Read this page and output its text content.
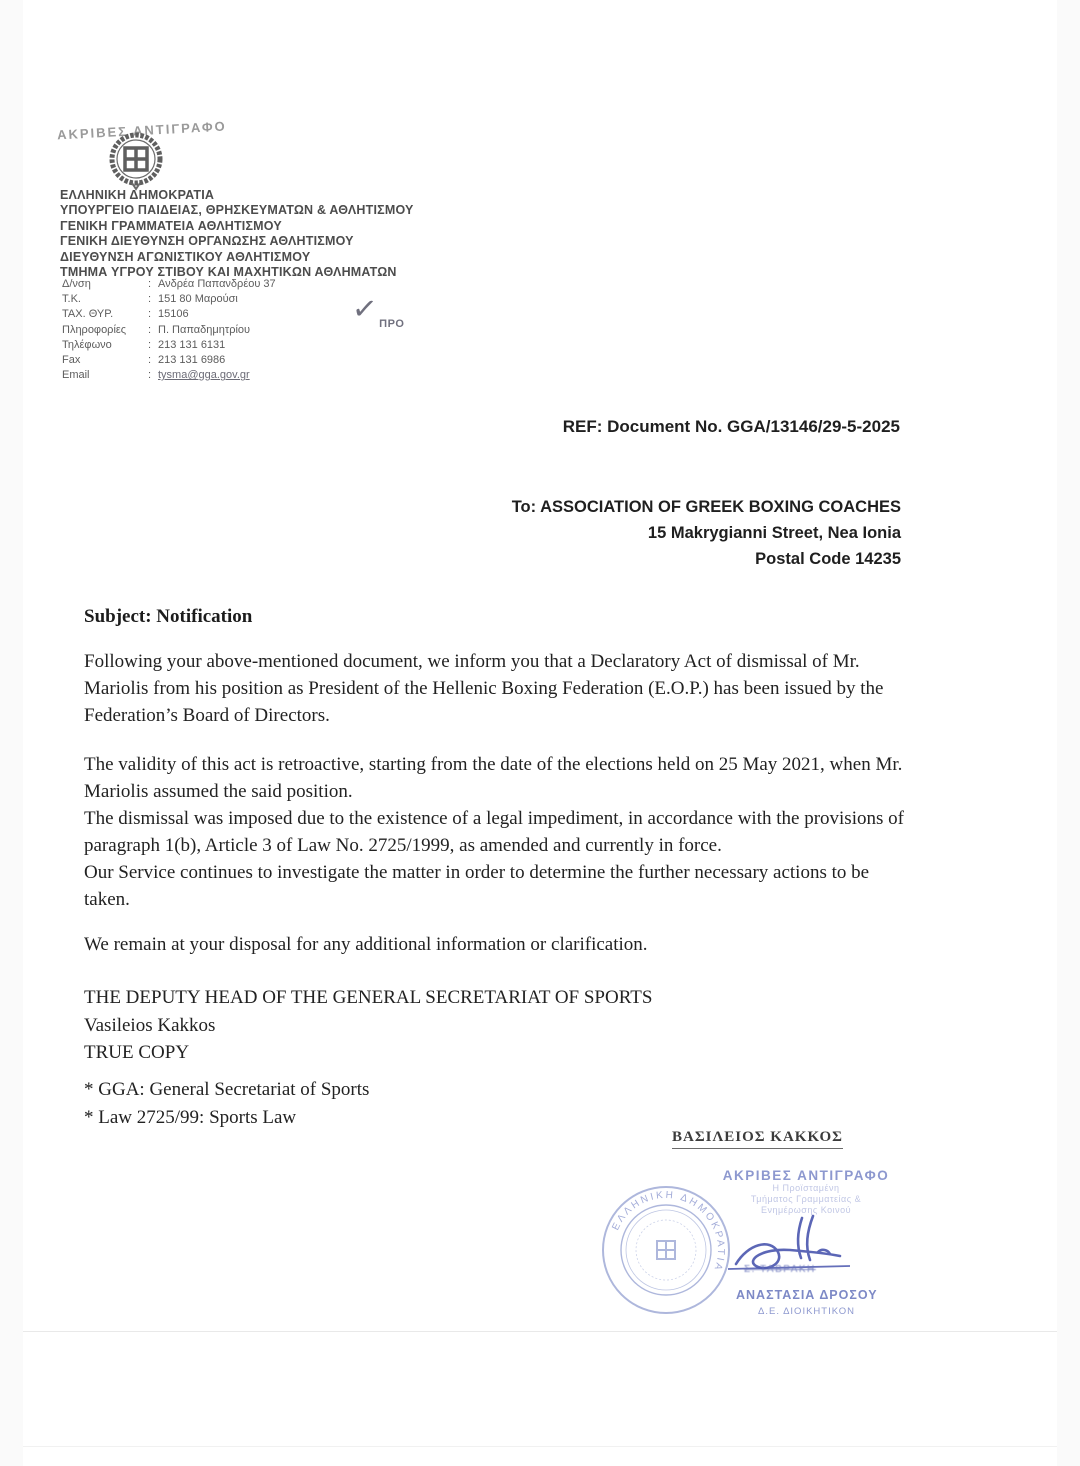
ΑΚΡΙΒΕΣ ΑΝΤΙΓΡΑΦΟ
ΕΛΛΗΝΙΚΗ ΔΗΜΟΚΡΑΤΙΑ
ΥΠΟΥΡΓΕΙΟ ΠΑΙΔΕΙΑΣ, ΘΡΗΣΚΕΥΜΑΤΩΝ & ΑΘΛΗΤΙΣΜΟΥ
ΓΕΝΙΚΗ ΓΡΑΜΜΑΤΕΙΑ ΑΘΛΗΤΙΣΜΟΥ
ΓΕΝΙΚΗ ΔΙΕΥΘΥΝΣΗ ΟΡΓΑΝΩΣΗΣ ΑΘΛΗΤΙΣΜΟΥ
ΔΙΕΥΘΥΝΣΗ ΑΓΩΝΙΣΤΙΚΟΥ ΑΘΛΗΤΙΣΜΟΥ
ΤΜΗΜΑ ΥΓΡΟΥ ΣΤΙΒΟΥ ΚΑΙ ΜΑΧΗΤΙΚΩΝ ΑΘΛΗΜΑΤΩΝ
Δ/νση	: Ανδρέα Παπανδρέου 37
Τ.Κ.	: 151 80 Μαρούσι
ΤΑΧ. ΘΥΡ.	: 15106
Πληροφορίες : Π. Παπαδημητρίου
Τηλέφωνο	: 213 131 6131
Fax	: 213 131 6986
Email	: tysma@gga.gov.gr
$✓_{\Pi PO}$
REF: Document No. GGA/13146/29-5-2025
To: ASSOCIATION OF GREEK BOXING COACHES
15 Makrygianni Street, Nea Ionia
Postal Code 14235
Subject: Notification
Following your above-mentioned document, we inform you that a Declaratory Act of dismissal of Mr. Mariolis from his position as President of the Hellenic Boxing Federation (E.O.P.) has been issued by the Federation’s Board of Directors.
The validity of this act is retroactive, starting from the date of the elections held on 25 May 2021, when Mr. Mariolis assumed the said position.
The dismissal was imposed due to the existence of a legal impediment, in accordance with the provisions of paragraph 1(b), Article 3 of Law No. 2725/1999, as amended and currently in force.
Our Service continues to investigate the matter in order to determine the further necessary actions to be taken.
We remain at your disposal for any additional information or clarification.
THE DEPUTY HEAD OF THE GENERAL SECRETARIAT OF SPORTS
Vasileios Kakkos
TRUE COPY
* GGA: General Secretariat of Sports
* Law 2725/99: Sports Law
ΒΑΣΙΛΕΙΟΣ ΚΑΚΚΟΣ
ΑΚΡΙΒΕΣ ΑΝΤΙΓΡΑΦΟ
Η Προϊσταμένη
Τμήματος Γραμματείας &
Ενημέρωσης Κοινού
ΕΛΛΗΝΙΚΗ ΔΗΜΟΚΡΑΤΙΑ Σ. ΤΑΒΡΑΚΗ
ΑΝΑΣΤΑΣΙΑ ΔΡΟΣΟΥ
Δ.Ε. ΔΙΟΙΚΗΤΙΚΟΝ
